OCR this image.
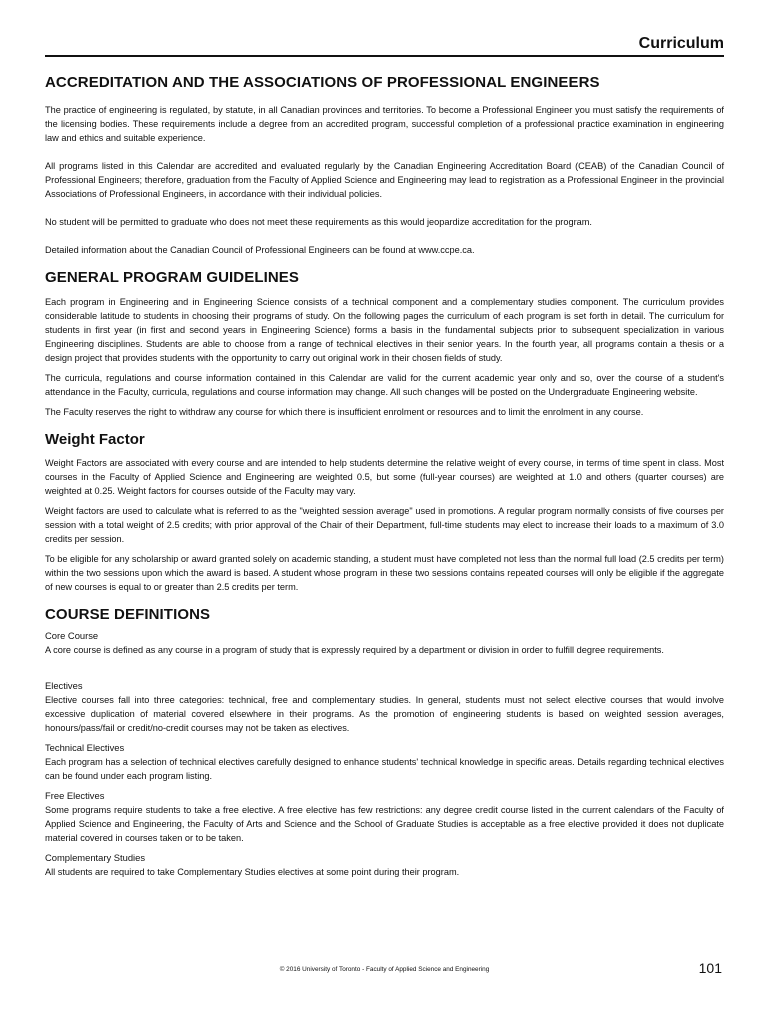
Curriculum
ACCREDITATION AND THE ASSOCIATIONS OF PROFESSIONAL ENGINEERS

The practice of engineering is regulated, by statute, in all Canadian provinces and territories. To become a Professional Engineer you must satisfy the requirements of the licensing bodies. These requirements include a degree from an accredited program, successful completion of a professional practice examination in engineering law and ethics and suitable experience.

All programs listed in this Calendar are accredited and evaluated regularly by the Canadian Engineering Accreditation Board (CEAB) of the Canadian Council of Professional Engineers; therefore, graduation from the Faculty of Applied Science and Engineering may lead to registration as a Professional Engineer in the provincial Associations of Professional Engineers, in accordance with their individual policies.

No student will be permitted to graduate who does not meet these requirements as this would jeopardize accreditation for the program.

Detailed information about the Canadian Council of Professional Engineers can be found at www.ccpe.ca.

GENERAL PROGRAM GUIDELINES

Each program in Engineering and in Engineering Science consists of a technical component and a complementary studies component. The curriculum provides considerable latitude to students in choosing their programs of study. On the following pages the curriculum of each program is set forth in detail. The curriculum for students in first year (in first and second years in Engineering Science) forms a basis in the fundamental subjects prior to subsequent specialization in various Engineering disciplines. Students are able to choose from a range of technical electives in their senior years. In the fourth year, all programs contain a thesis or a design project that provides students with the opportunity to carry out original work in their chosen fields of study.

The curricula, regulations and course information contained in this Calendar are valid for the current academic year only and so, over the course of a student's attendance in the Faculty, curricula, regulations and course information may change. All such changes will be posted on the Undergraduate Engineering website.

The Faculty reserves the right to withdraw any course for which there is insufficient enrolment or resources and to limit the enrolment in any course.

Weight Factor

Weight Factors are associated with every course and are intended to help students determine the relative weight of every course, in terms of time spent in class. Most courses in the Faculty of Applied Science and Engineering are weighted 0.5, but some (full-year courses) are weighted at 1.0 and others (quarter courses) are weighted at 0.25. Weight factors for courses outside of the Faculty may vary.

Weight factors are used to calculate what is referred to as the "weighted session average" used in promotions. A regular program normally consists of five courses per session with a total weight of 2.5 credits; with prior approval of the Chair of their Department, full-time students may elect to increase their loads to a maximum of 3.0 credits per session.

To be eligible for any scholarship or award granted solely on academic standing, a student must have completed not less than the normal full load (2.5 credits per term) within the two sessions upon which the award is based. A student whose program in these two sessions contains repeated courses will only be eligible if the aggregate of new courses is equal to or greater than 2.5 credits per term.

COURSE DEFINITIONS

Core Course

A core course is defined as any course in a program of study that is expressly required by a department or division in order to fulfill degree requirements.

Electives

Elective courses fall into three categories: technical, free and complementary studies. In general, students must not select elective courses that would involve excessive duplication of material covered elsewhere in their programs. As the promotion of engineering students is based on weighted session averages, honours/pass/fail or credit/no-credit courses may not be taken as electives.

Technical Electives

Each program has a selection of technical electives carefully designed to enhance students' technical knowledge in specific areas. Details regarding technical electives can be found under each program listing.

Free Electives

Some programs require students to take a free elective. A free elective has few restrictions: any degree credit course listed in the current calendars of the Faculty of Applied Science and Engineering, the Faculty of Arts and Science and the School of Graduate Studies is acceptable as a free elective provided it does not duplicate material covered in courses taken or to be taken.

Complementary Studies

All students are required to take Complementary Studies electives at some point during their program.

© 2016 University of Toronto - Faculty of Applied Science and Engineering	101
